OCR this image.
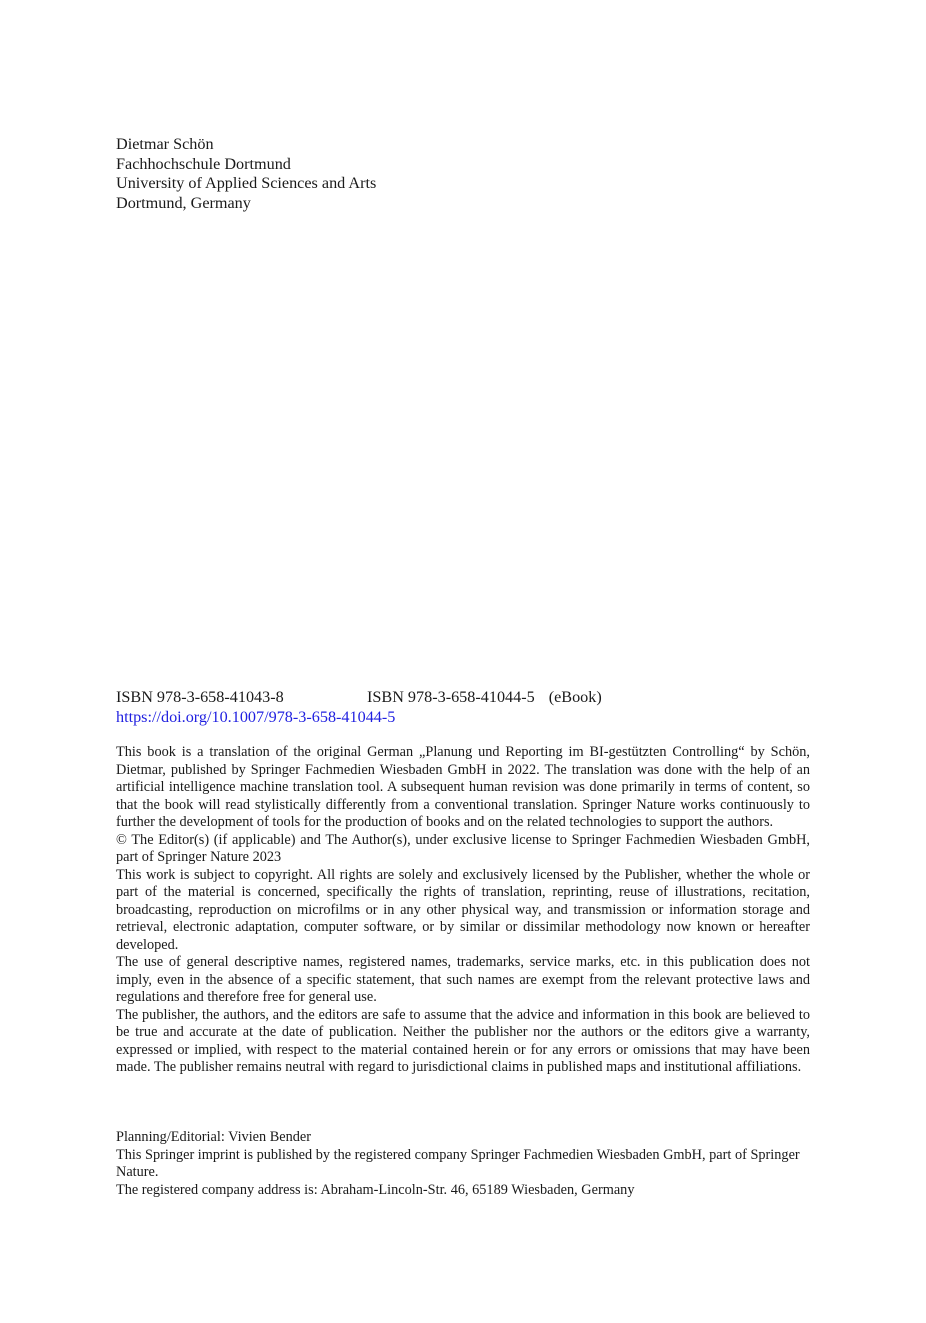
Dietmar Schön
Fachhochschule Dortmund
University of Applied Sciences and Arts
Dortmund, Germany
ISBN 978-3-658-41043-8	ISBN 978-3-658-41044-5 (eBook)
https://doi.org/10.1007/978-3-658-41044-5

This book is a translation of the original German „Planung und Reporting im BI-gestützten Controlling“ by Schön, Dietmar, published by Springer Fachmedien Wiesbaden GmbH in 2022. The translation was done with the help of an artificial intelligence machine translation tool. A subsequent human revision was done primarily in terms of content, so that the book will read stylistically differently from a conventional translation. Springer Nature works continuously to further the development of tools for the production of books and on the related technologies to support the authors.

© The Editor(s) (if applicable) and The Author(s), under exclusive license to Springer Fachmedien Wiesbaden GmbH, part of Springer Nature 2023

This work is subject to copyright. All rights are solely and exclusively licensed by the Publisher, whether the whole or part of the material is concerned, specifically the rights of translation, reprinting, reuse of illustrations, recitation, broadcasting, reproduction on microfilms or in any other physical way, and transmission or information storage and retrieval, electronic adaptation, computer software, or by similar or dissimilar methodology now known or hereafter developed.

The use of general descriptive names, registered names, trademarks, service marks, etc. in this publication does not imply, even in the absence of a specific statement, that such names are exempt from the relevant protective laws and regulations and therefore free for general use.

The publisher, the authors, and the editors are safe to assume that the advice and information in this book are believed to be true and accurate at the date of publication. Neither the publisher nor the authors or the editors give a warranty, expressed or implied, with respect to the material contained herein or for any errors or omissions that may have been made. The publisher remains neutral with regard to jurisdictional claims in published maps and institutional affiliations.

Planning/Editorial: Vivien Bender

This Springer imprint is published by the registered company Springer Fachmedien Wiesbaden GmbH, part of Springer Nature.

The registered company address is: Abraham-Lincoln-Str. 46, 65189 Wiesbaden, Germany
